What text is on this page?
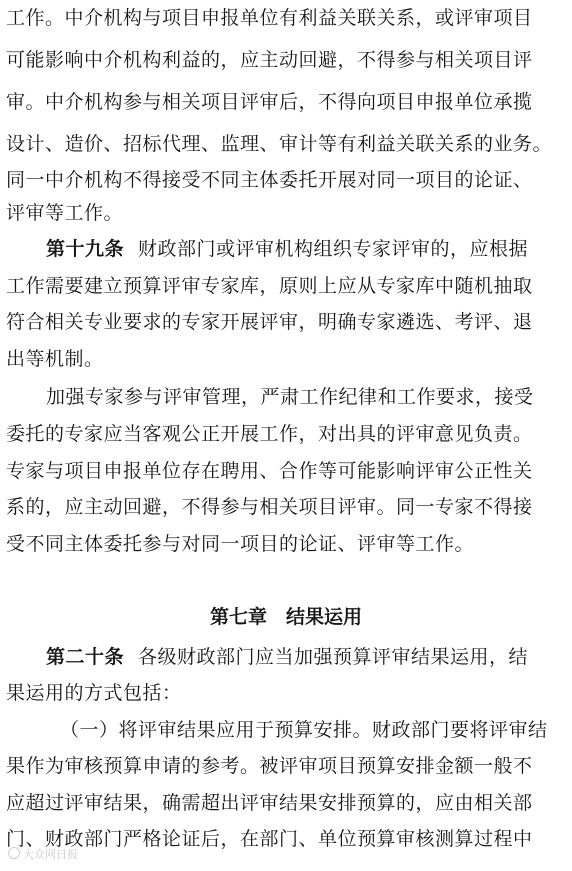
工作。中介机构与项目申报单位有利益关联关系，或评审项目
可能影响中介机构利益的，应主动回避，不得参与相关项目评
审。中介机构参与相关项目评审后，不得向项目申报单位承揽
设计、造价、招标代理、监理、审计等有利益关联关系的业务。
同一中介机构不得接受不同主体委托开展对同一项目的论证、
评审等工作。
第十九条 财政部门或评审机构组织专家评审的，应根据
工作需要建立预算评审专家库，原则上应从专家库中随机抽取
符合相关专业要求的专家开展评审，明确专家遴选、考评、退
出等机制。
加强专家参与评审管理，严肃工作纪律和工作要求，接受
委托的专家应当客观公正开展工作，对出具的评审意见负责。
专家与项目申报单位存在聘用、合作等可能影响评审公正性关
系的，应主动回避，不得参与相关项目评审。同一专家不得接
受不同主体委托参与对同一项目的论证、评审等工作。
第七章　结果运用
第二十条 各级财政部门应当加强预算评审结果运用，结
果运用的方式包括：
（一）将评审结果应用于预算安排。财政部门要将评审结
果作为审核预算申请的参考。被评审项目预算安排金额一般不
应超过评审结果，确需超出评审结果安排预算的，应由相关部
门、财政部门严格论证后，在部门、单位预算审核测算过程中
大众网日报
